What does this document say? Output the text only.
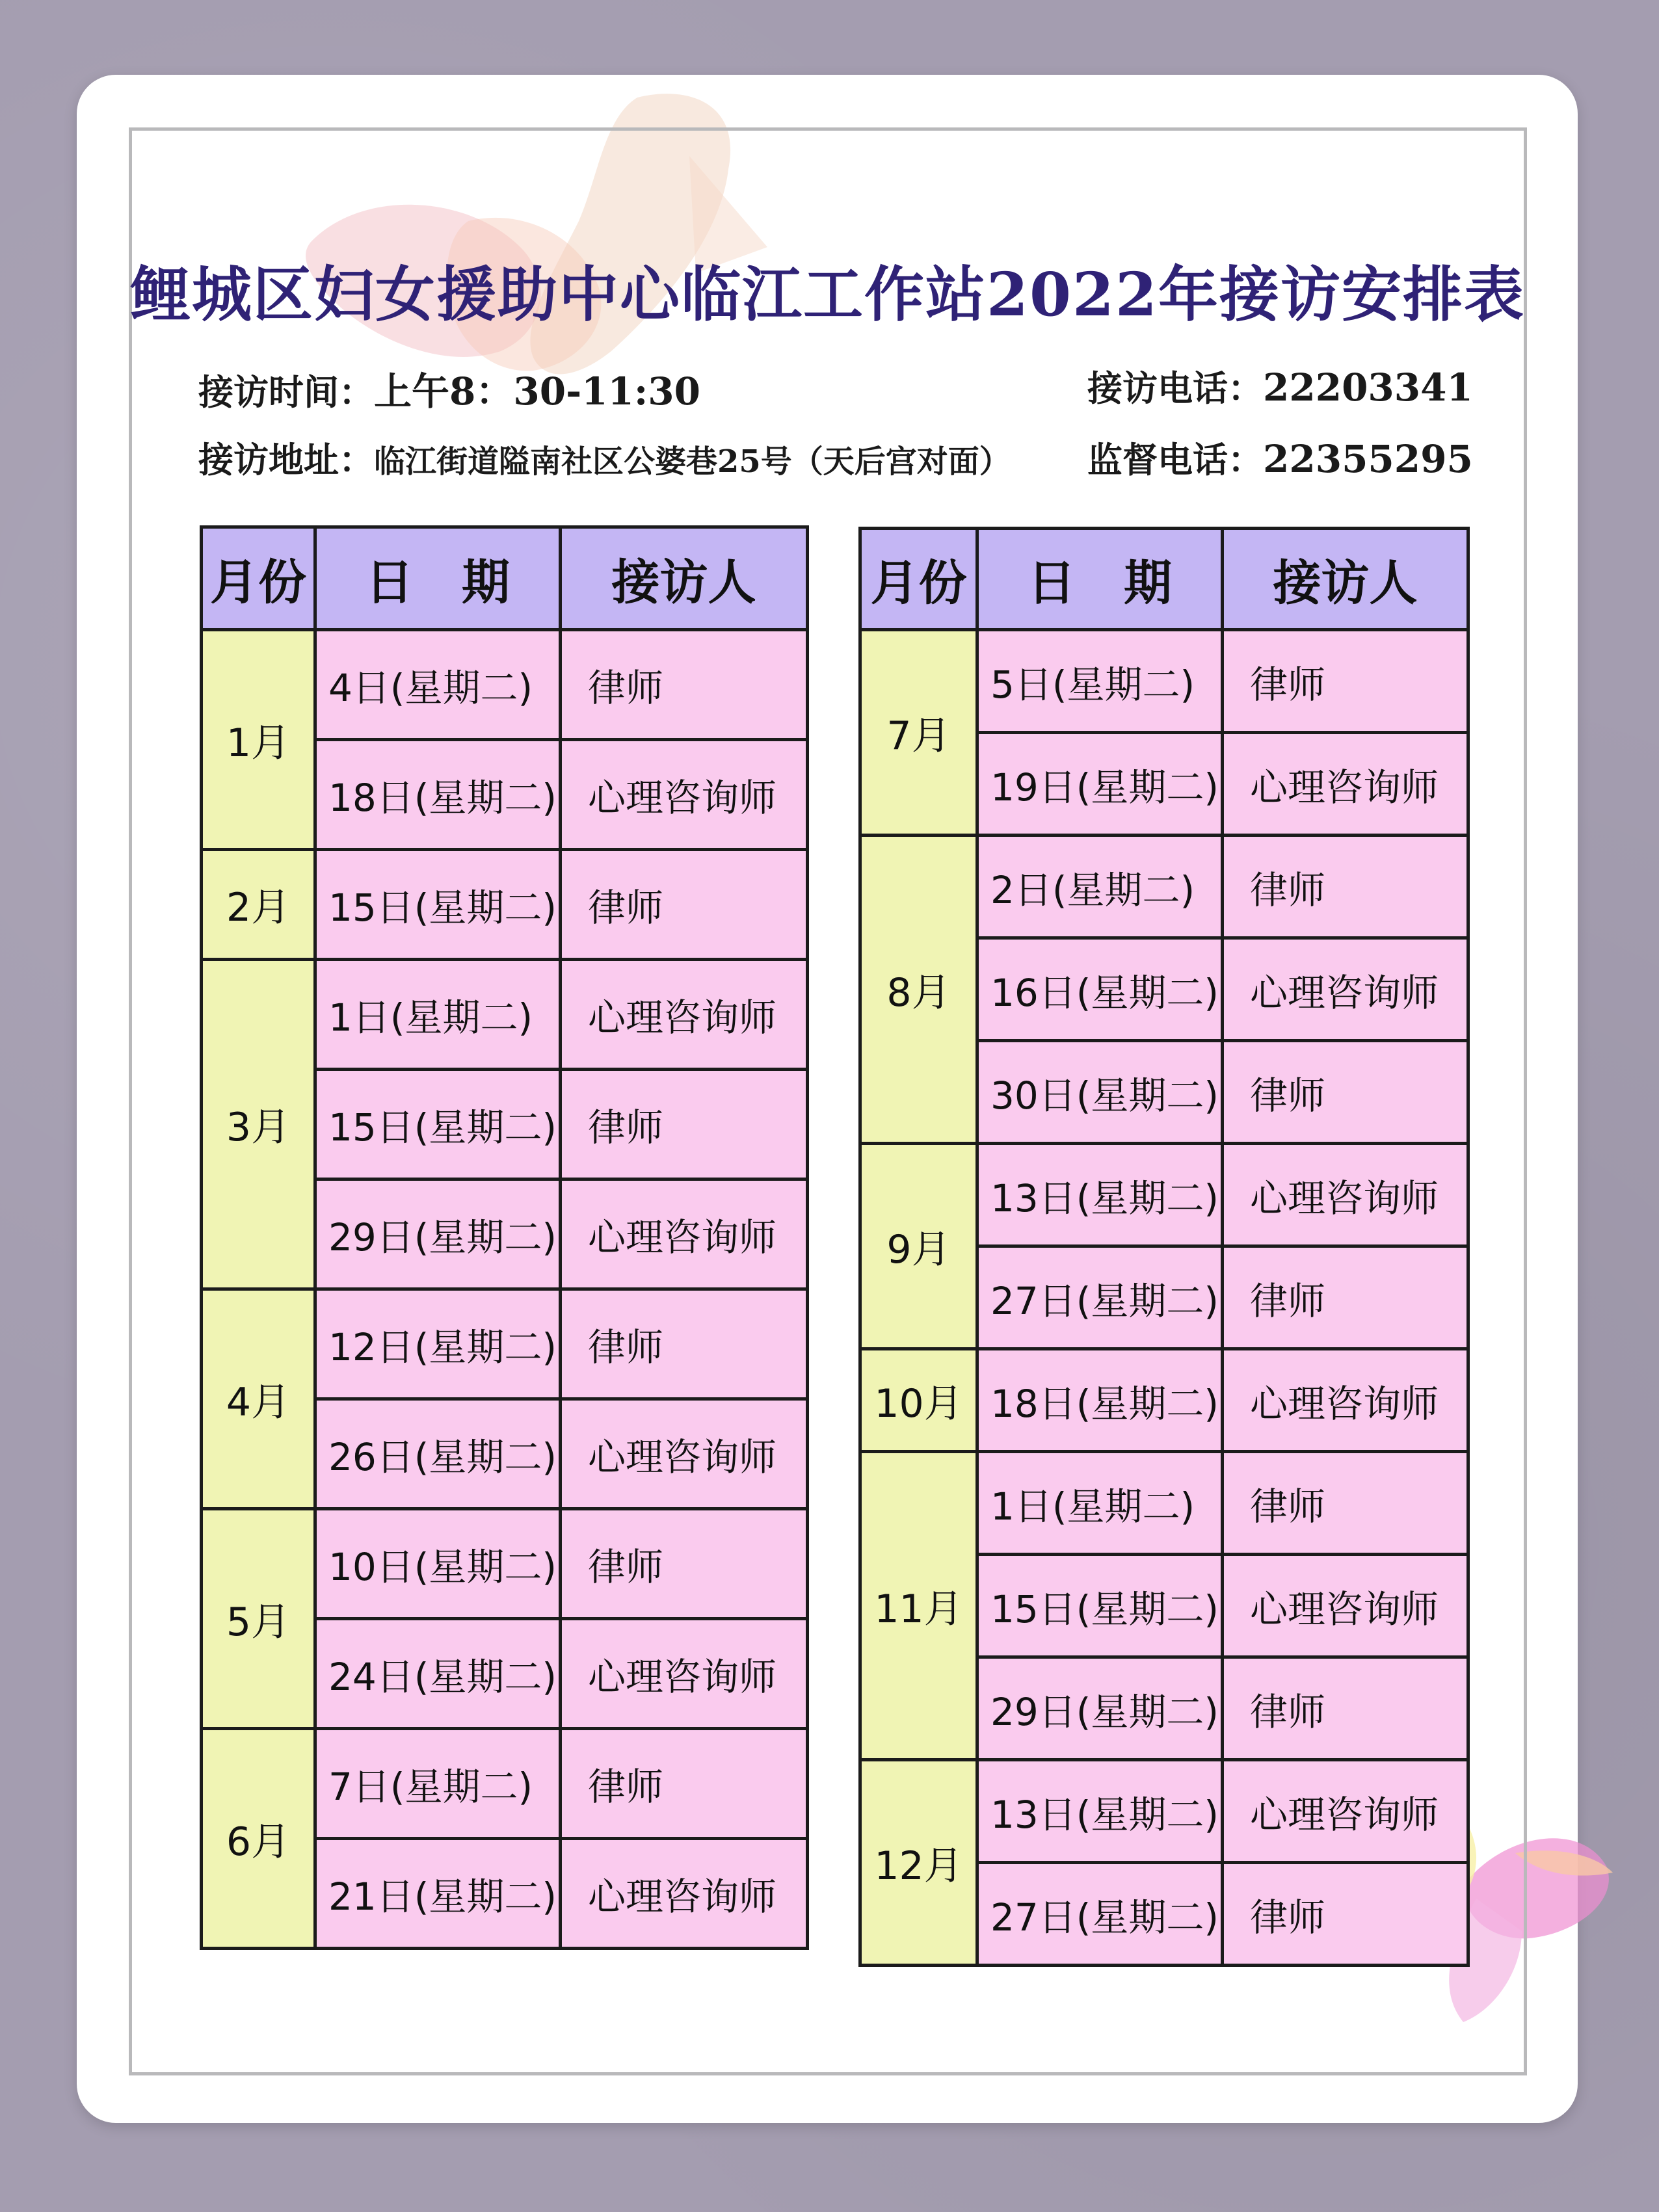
鲤城区妇女援助中心临江工作站2022年接访安排表
接访时间：上午8：30-11:30
接访地址：临江街道隘南社区公婆巷25号（天后宫对面）
接访电话：22203341
监督电话：22355295
月份	日　期	接访人
1月	4日(星期二)	律师
	18日(星期二)	心理咨询师
2月	15日(星期二)	律师
3月	1日(星期二)	心理咨询师
	15日(星期二)	律师
	29日(星期二)	心理咨询师
4月	12日(星期二)	律师
	26日(星期二)	心理咨询师
5月	10日(星期二)	律师
	24日(星期二)	心理咨询师
6月	7日(星期二)	律师
	21日(星期二)	心理咨询师
月份	日　期	接访人
7月	5日(星期二)	律师
	19日(星期二)	心理咨询师
8月	2日(星期二)	律师
	16日(星期二)	心理咨询师
	30日(星期二)	律师
9月	13日(星期二)	心理咨询师
	27日(星期二)	律师
10月	18日(星期二)	心理咨询师
11月	1日(星期二)	律师
	15日(星期二)	心理咨询师
	29日(星期二)	律师
12月	13日(星期二)	心理咨询师
	27日(星期二)	律师
